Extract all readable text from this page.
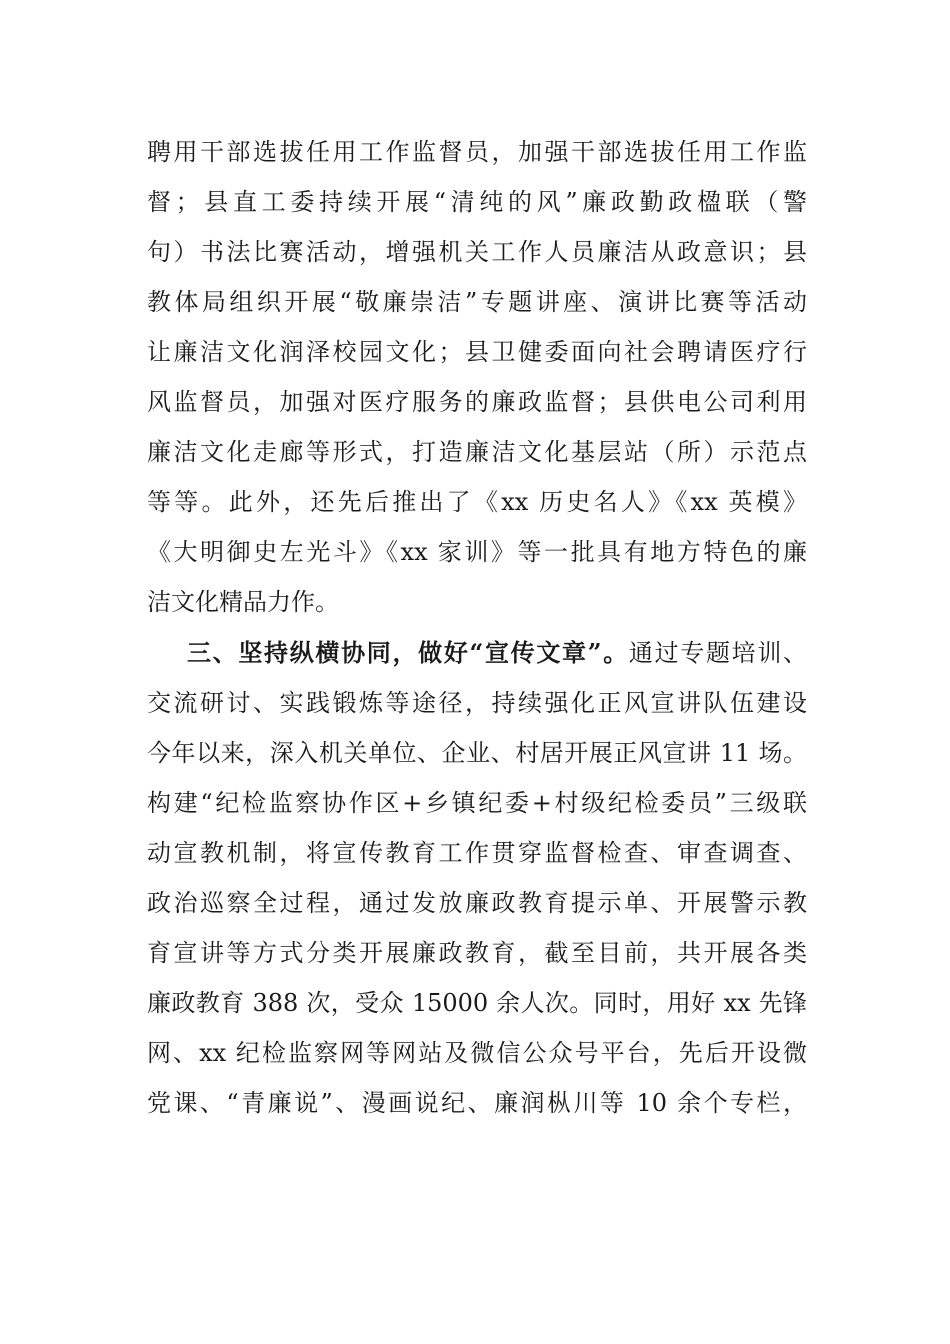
聘用干部选拔任用工作监督员，加强干部选拔任用工作监
督；县直工委持续开展“清纯的风”廉政勤政楹联（警
句）书法比赛活动，增强机关工作人员廉洁从政意识；县
教体局组织开展“敬廉崇洁”专题讲座、演讲比赛等活动
让廉洁文化润泽校园文化；县卫健委面向社会聘请医疗行
风监督员，加强对医疗服务的廉政监督；县供电公司利用
廉洁文化走廊等形式，打造廉洁文化基层站（所）示范点
等等。此外，还先后推出了《xx 历史名人》《xx 英模》
《大明御史左光斗》《xx 家训》等一批具有地方特色的廉
洁文化精品力作。
三、坚持纵横协同，做好“宣传文章”。通过专题培训、
交流研讨、实践锻炼等途径，持续强化正风宣讲队伍建设
今年以来，深入机关单位、企业、村居开展正风宣讲 11 场。
构建“纪检监察协作区+乡镇纪委+村级纪检委员”三级联
动宣教机制，将宣传教育工作贯穿监督检查、审查调查、
政治巡察全过程，通过发放廉政教育提示单、开展警示教
育宣讲等方式分类开展廉政教育，截至目前，共开展各类
廉政教育 388 次，受众 15000 余人次。同时，用好 xx 先锋
网、xx 纪检监察网等网站及微信公众号平台，先后开设微
党课、“青廉说”、漫画说纪、廉润枞川等 10 余个专栏，
